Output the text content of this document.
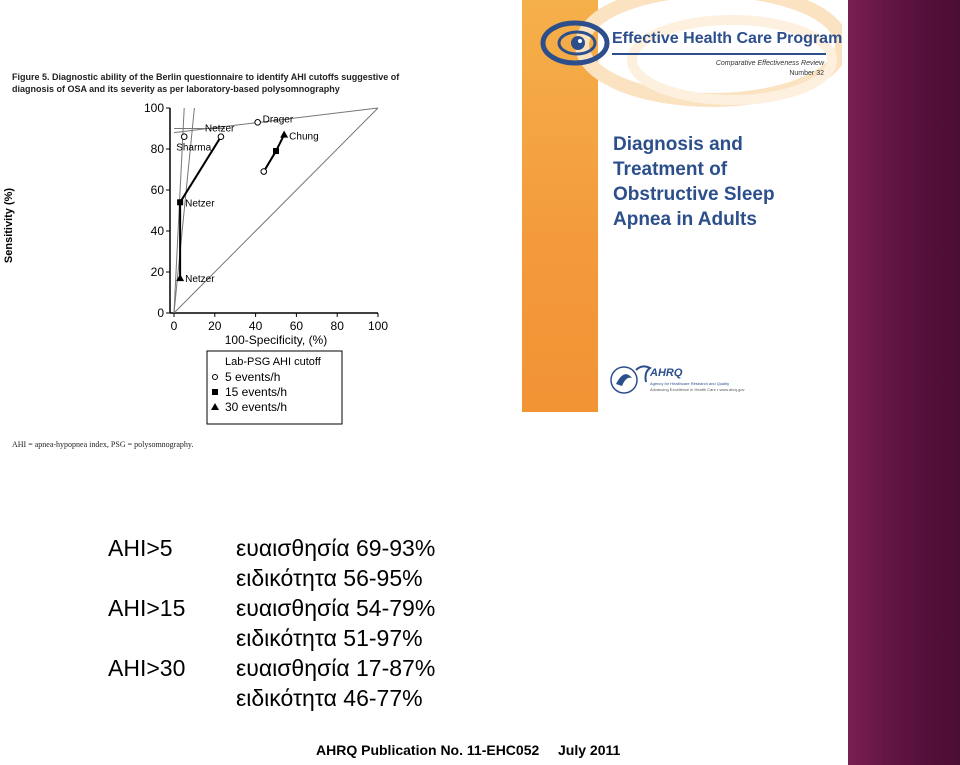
Figure 5. Diagnostic ability of the Berlin questionnaire to identify AHI cutoffs suggestive of
diagnosis of OSA and its severity as per laboratory-based polysomnography
0	20 40 60 80 100
0
20
40
60
80
100
100-Specificity, (%)
Sensitivity (%)
Sharma
Netzer
Drager
Netzer
Netzer
Chung
Lab-PSG AHI cutoff
5 events/h
15 events/h
30 events/h
AHI = apnea-hypopnea index, PSG = polysomnography.
Effective Health Care Program
Comparative Effectiveness Review
Number 32
Diagnosis and
Treatment of
Obstructive Sleep
Apnea in Adults
AHRQ
Agency for Healthcare Research and Quality
Advancing Excellence in Health Care • www.ahrq.gov
AHI>5	ευαισθησία 69-93%
ειδικότητα 56-95%
AHI>15	ευαισθησία 54-79%
ειδικότητα 51-97%
AHI>30	ευαισθησία 17-87%
ειδικότητα 46-77%
AHRQ Publication No. 11-EHC052 July 2011
